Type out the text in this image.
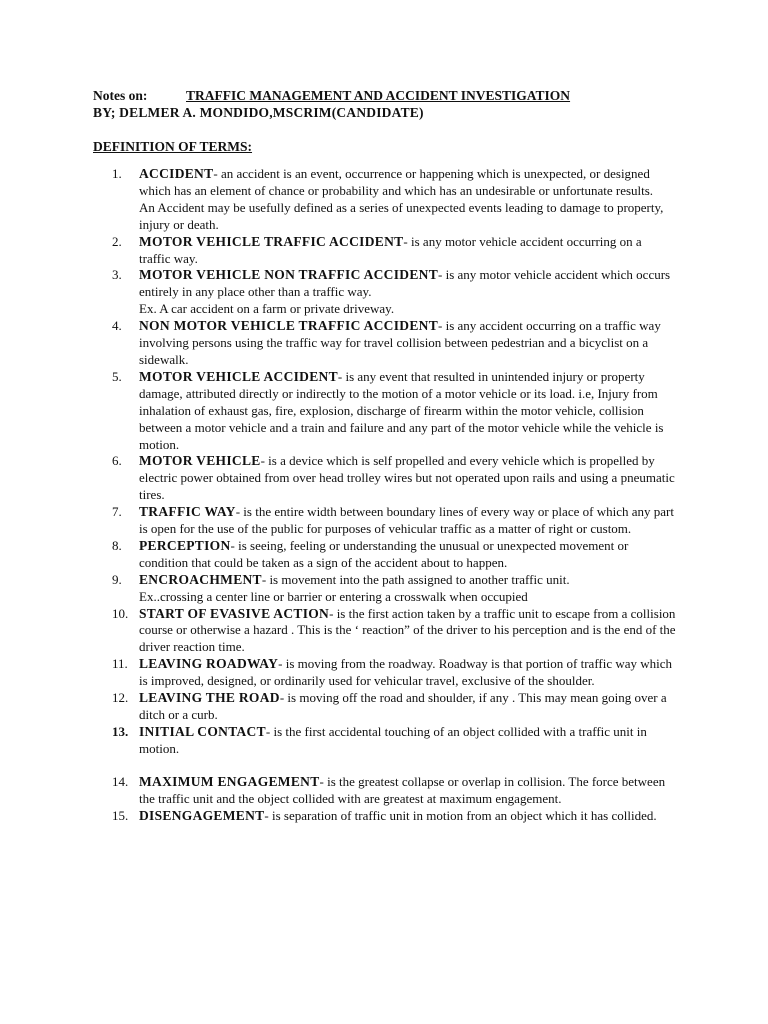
Notes on:	TRAFFIC MANAGEMENT AND ACCIDENT INVESTIGATION
BY; DELMER A. MONDIDO,MSCRIM(CANDIDATE)
DEFINITION OF TERMS:
1.	ACCIDENT- an accident is an event, occurrence or happening which is unexpected, or designed which has an element of chance or probability and which has an undesirable or unfortunate results.
An Accident may be usefully defined as a series of unexpected events leading to damage to property, injury or death.
2.	MOTOR VEHICLE TRAFFIC ACCIDENT- is any motor vehicle accident occurring on a traffic way.
3.	MOTOR VEHICLE NON TRAFFIC ACCIDENT- is any motor vehicle accident which occurs entirely in any place other than a traffic way.
Ex. A car accident on a farm or private driveway.
4.	NON MOTOR VEHICLE TRAFFIC ACCIDENT- is any accident occurring on a traffic way involving persons using the traffic way for travel collision between pedestrian and a bicyclist on a sidewalk.
5.	MOTOR VEHICLE ACCIDENT- is any event that resulted in unintended injury or property damage, attributed directly or indirectly to the motion of a motor vehicle or its load. i.e, Injury from inhalation of exhaust gas, fire, explosion, discharge of firearm within the motor vehicle, collision between a motor vehicle and a train and failure and any part of the motor vehicle while the vehicle is motion.
6.	MOTOR VEHICLE- is a device which is self propelled and every vehicle which is propelled by electric power obtained from over head trolley wires but not operated upon rails and using a pneumatic tires.
7.	TRAFFIC WAY- is the entire width between boundary lines of every way or place of which any part is open for the use of the public for purposes of vehicular traffic as a matter of right or custom.
8.	PERCEPTION- is seeing, feeling or understanding the unusual or unexpected movement or condition that could be taken as a sign of the accident about to happen.
9.	ENCROACHMENT- is movement into the path assigned to another traffic unit.
Ex..crossing a center line or barrier or entering a crosswalk when occupied
10. START OF EVASIVE ACTION- is the first action taken by a traffic unit to escape from a collision course or otherwise a hazard . This is the ‘ reaction” of the driver to his perception and is the end of the driver reaction time.
11. LEAVING ROADWAY- is moving from the roadway. Roadway is that portion of traffic way which is improved, designed, or ordinarily used for vehicular travel, exclusive of the shoulder.
12. LEAVING THE ROAD- is moving off the road and shoulder, if any . This may mean going over a ditch or a curb.
13. INITIAL CONTACT- is the first accidental touching of an object collided with a traffic unit in motion.
14. MAXIMUM ENGAGEMENT- is the greatest collapse or overlap in collision. The force between the traffic unit and the object collided with are greatest at maximum engagement.
15. DISENGAGEMENT- is separation of traffic unit in motion from an object which it has collided.
